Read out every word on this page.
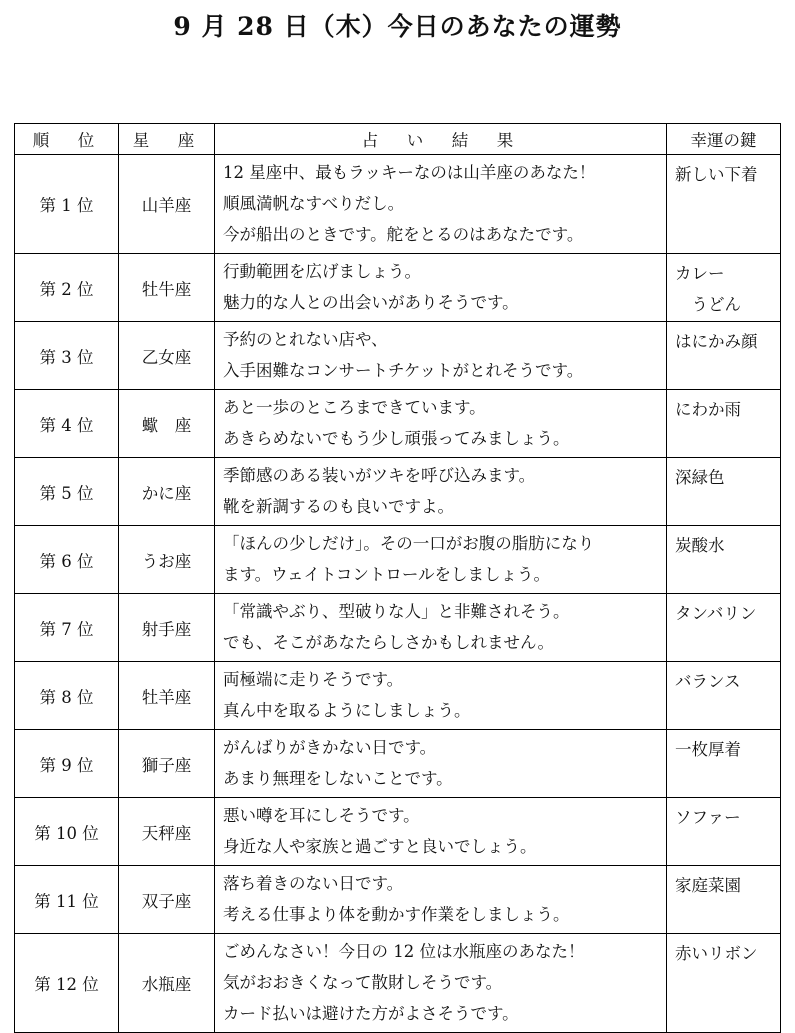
9 月 28 日（木）今日のあなたの運勢
順　位	星　座	占　い　結　果	幸運の鍵
第 1 位	山羊座	12 星座中、最もラッキーなのは山羊座のあなた！
順風満帆なすべりだし。
今が船出のときです。舵をとるのはあなたです。	新しい下着

第 2 位	牡牛座	行動範囲を広げましょう。
魅力的な人との出会いがありそうです。	カレー
　うどん

第 3 位	乙女座	予約のとれない店や、
入手困難なコンサートチケットがとれそうです。	はにかみ顔

第 4 位	蠍　座	あと一歩のところまできています。
あきらめないでもう少し頑張ってみましょう。	にわか雨

第 5 位	かに座	季節感のある装いがツキを呼び込みます。
靴を新調するのも良いですよ。	深緑色

第 6 位	うお座	「ほんの少しだけ」。その一口がお腹の脂肪になり
ます。ウェイトコントロールをしましょう。	炭酸水

第 7 位	射手座	「常識やぶり、型破りな人」と非難されそう。
でも、そこがあなたらしさかもしれません。	タンバリン

第 8 位	牡羊座	両極端に走りそうです。
真ん中を取るようにしましょう。	バランス

第 9 位	獅子座	がんばりがきかない日です。
あまり無理をしないことです。	一枚厚着

第 10 位	天秤座	悪い噂を耳にしそうです。
身近な人や家族と過ごすと良いでしょう。	ソファー

第 11 位	双子座	落ち着きのない日です。
考える仕事より体を動かす作業をしましょう。	家庭菜園

第 12 位	水瓶座	ごめんなさい！今日の 12 位は水瓶座のあなた！
気がおおきくなって散財しそうです。
カード払いは避けた方がよさそうです。	赤いリボン
